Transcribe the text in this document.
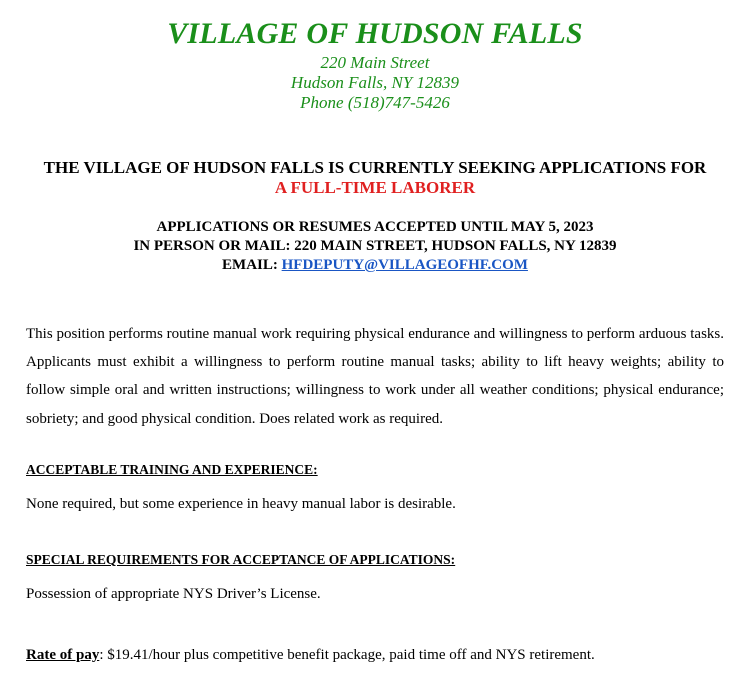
VILLAGE OF HUDSON FALLS
220 Main Street
Hudson Falls, NY 12839
Phone (518)747-5426
THE VILLAGE OF HUDSON FALLS IS CURRENTLY SEEKING APPLICATIONS FOR
A FULL-TIME LABORER
APPLICATIONS OR RESUMES ACCEPTED UNTIL MAY 5, 2023
IN PERSON OR MAIL: 220 MAIN STREET, HUDSON FALLS, NY 12839
EMAIL: HFDEPUTY@VILLAGEOFHF.COM
This position performs routine manual work requiring physical endurance and willingness to perform arduous tasks. Applicants must exhibit a willingness to perform routine manual tasks; ability to lift heavy weights; ability to follow simple oral and written instructions; willingness to work under all weather conditions; physical endurance; sobriety; and good physical condition. Does related work as required.
ACCEPTABLE TRAINING AND EXPERIENCE:
None required, but some experience in heavy manual labor is desirable.
SPECIAL REQUIREMENTS FOR ACCEPTANCE OF APPLICATIONS:
Possession of appropriate NYS Driver’s License.
Rate of pay: $19.41/hour plus competitive benefit package, paid time off and NYS retirement.
